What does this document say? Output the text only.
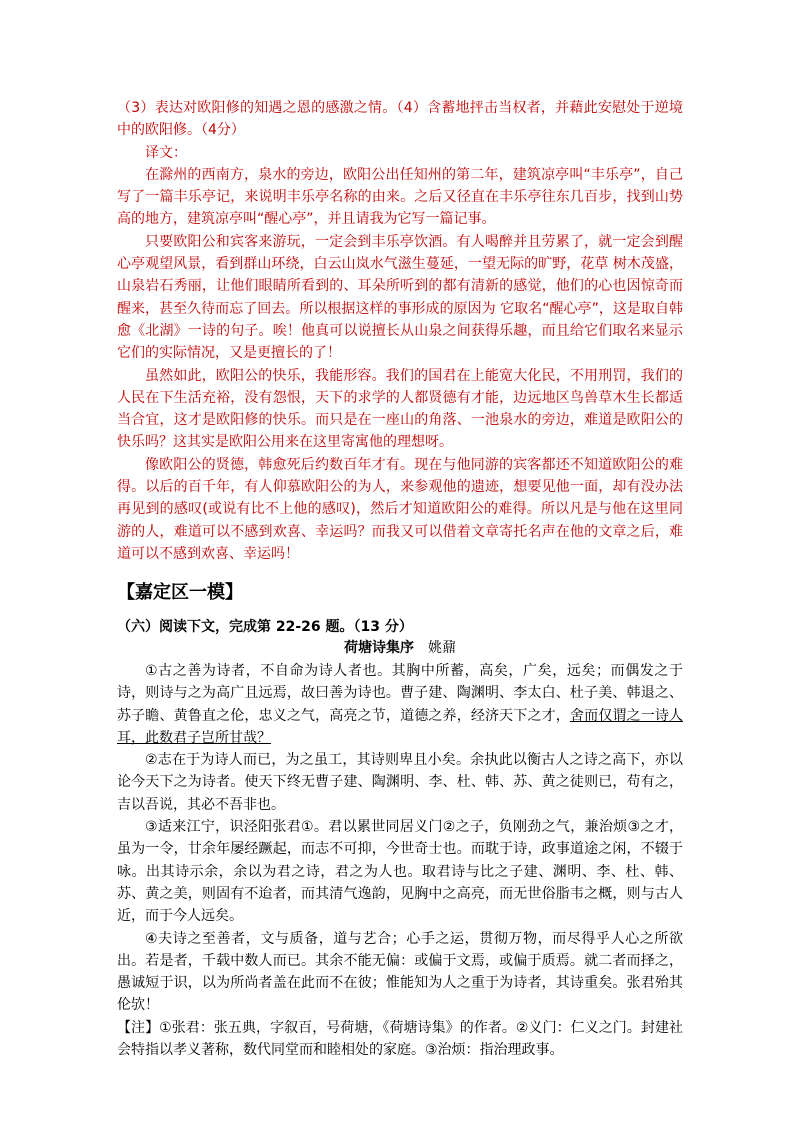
（3）表达对欧阳修的知遇之恩的感激之情。（4）含蓄地抨击当权者，并藉此安慰处于逆境中的欧阳修。（4分）

译文：

在滁州的西南方，泉水的旁边，欧阳公出任知州的第二年，建筑凉亭叫“丰乐亭”，自己写了一篇丰乐亭记，来说明丰乐亭名称的由来。之后又径直在丰乐亭往东几百步，找到山势高的地方，建筑凉亭叫“醒心亭”，并且请我为它写一篇记事。

只要欧阳公和宾客来游玩，一定会到丰乐亭饮酒。有人喝醉并且劳累了，就一定会到醒心亭观望风景，看到群山环绕，白云山岚水气滋生蔓延，一望无际的旷野，花草 树木茂盛，山泉岩石秀丽，让他们眼睛所看到的、耳朵所听到的都有清新的感觉，他们的心也因惊奇而醒来，甚至久待而忘了回去。所以根据这样的事形成的原因为 它取名“醒心亭”，这是取自韩愈《北湖》一诗的句子。唉！他真可以说擅长从山泉之间获得乐趣，而且给它们取名来显示它们的实际情况，又是更擅长的了！

虽然如此，欧阳公的快乐，我能形容。我们的国君在上能宽大化民，不用刑罚，我们的人民在下生活充裕，没有怨恨，天下的求学的人都贤德有才能，边远地区鸟兽草木生长都适当合宜，这才是欧阳修的快乐。而只是在一座山的角落、一池泉水的旁边，难道是欧阳公的快乐吗？这其实是欧阳公用来在这里寄寓他的理想呀。

像欧阳公的贤德，韩愈死后约数百年才有。现在与他同游的宾客都还不知道欧阳公的难得。以后的百千年，有人仰慕欧阳公的为人，来参观他的遗迹，想要见他一面，却有没办法再见到的感叹(或说有比不上他的感叹)，然后才知道欧阳公的难得。所以凡是与他在这里同游的人，难道可以不感到欢喜、幸运吗？而我又可以借着文章寄托名声在他的文章之后，难道可以不感到欢喜、幸运吗！

【嘉定区一模】
（六）阅读下文，完成第 22-26 题。（13 分）
荷塘诗集序 姚鼐

①古之善为诗者，不自命为诗人者也。其胸中所蓄，高矣，广矣，远矣；而偶发之于诗，则诗与之为高广且远焉，故曰善为诗也。曹子建、陶渊明、李太白、杜子美、韩退之、苏子瞻、黄鲁直之伦，忠义之气，高亮之节，道德之养，经济天下之才，舍而仅谓之一诗人耳，此数君子岂所甘哉？

②志在于为诗人而已，为之虽工，其诗则卑且小矣。余执此以衡古人之诗之高下，亦以论今天下之为诗者。使天下终无曹子建、陶渊明、李、杜、韩、苏、黄之徒则已，苟有之，吉以吾说，其必不吾非也。

③适来江宁，识泾阳张君①。君以累世同居义门②之子，负刚劲之气，兼治烦③之才，虽为一令，廿余年屡经蹶起，而志不可抑，今世奇士也。而耽于诗，政事道途之闲，不辍于咏。出其诗示余，余以为君之诗，君之为人也。取君诗与比之子建、渊明、李、杜、韩、苏、黄之美，则固有不迨者，而其清气逸韵，见胸中之高亮，而无世俗脂韦之概，则与古人近，而于今人远矣。

④夫诗之至善者，文与质备，道与艺合；心手之运，贯彻万物，而尽得乎人心之所欲出。若是者，千载中数人而已。其余不能无偏：或偏于文焉，或偏于质焉。就二者而择之，愚诚短于识，以为所尚者盖在此而不在彼；惟能知为人之重于为诗者，其诗重矣。张君殆其伦欤！

【注】①张君：张五典，字叙百，号荷塘，《荷塘诗集》的作者。②义门：仁义之门。封建社会特指以孝义著称，数代同堂而和睦相处的家庭。③治烦：指治理政事。
